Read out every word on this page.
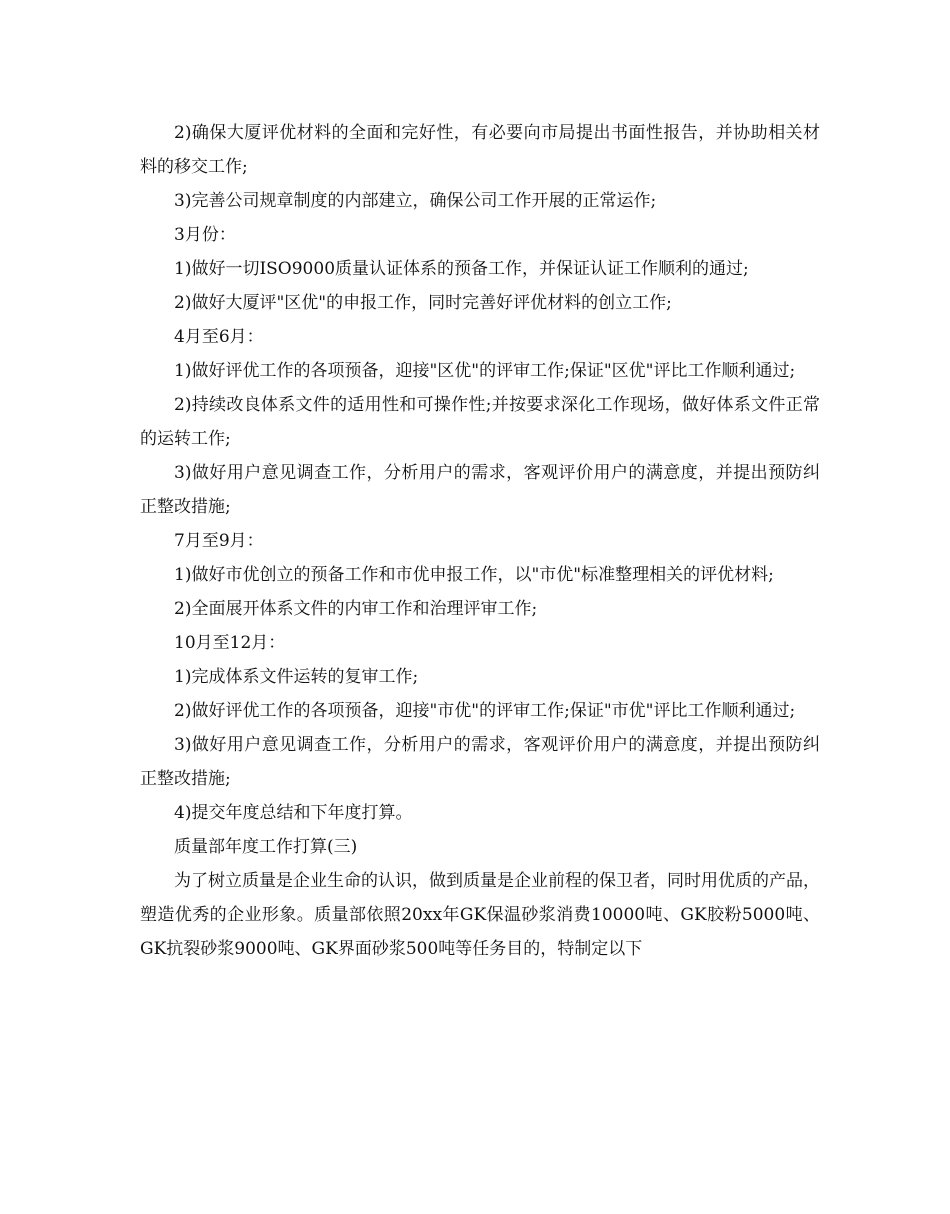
2)确保大厦评优材料的全面和完好性，有必要向市局提出书面性报告，并协助相关材料的移交工作;

3)完善公司规章制度的内部建立，确保公司工作开展的正常运作;

3月份：

1)做好一切ISO9000质量认证体系的预备工作，并保证认证工作顺利的通过;

2)做好大厦评"区优"的申报工作，同时完善好评优材料的创立工作;

4月至6月：

1)做好评优工作的各项预备，迎接"区优"的评审工作;保证"区优"评比工作顺利通过;

2)持续改良体系文件的适用性和可操作性;并按要求深化工作现场，做好体系文件正常的运转工作;

3)做好用户意见调查工作，分析用户的需求，客观评价用户的满意度，并提出预防纠正整改措施;

7月至9月：

1)做好市优创立的预备工作和市优申报工作，以"市优"标准整理相关的评优材料;

2)全面展开体系文件的内审工作和治理评审工作;

10月至12月：

1)完成体系文件运转的复审工作;

2)做好评优工作的各项预备，迎接"市优"的评审工作;保证"市优"评比工作顺利通过;

3)做好用户意见调查工作，分析用户的需求，客观评价用户的满意度，并提出预防纠正整改措施;

4)提交年度总结和下年度打算。

质量部年度工作打算(三)

为了树立质量是企业生命的认识，做到质量是企业前程的保卫者，同时用优质的产品，塑造优秀的企业形象。质量部依照20xx年GK保温砂浆消费10000吨、GK胶粉5000吨、GK抗裂砂浆9000吨、GK界面砂浆500吨等任务目的，特制定以下
